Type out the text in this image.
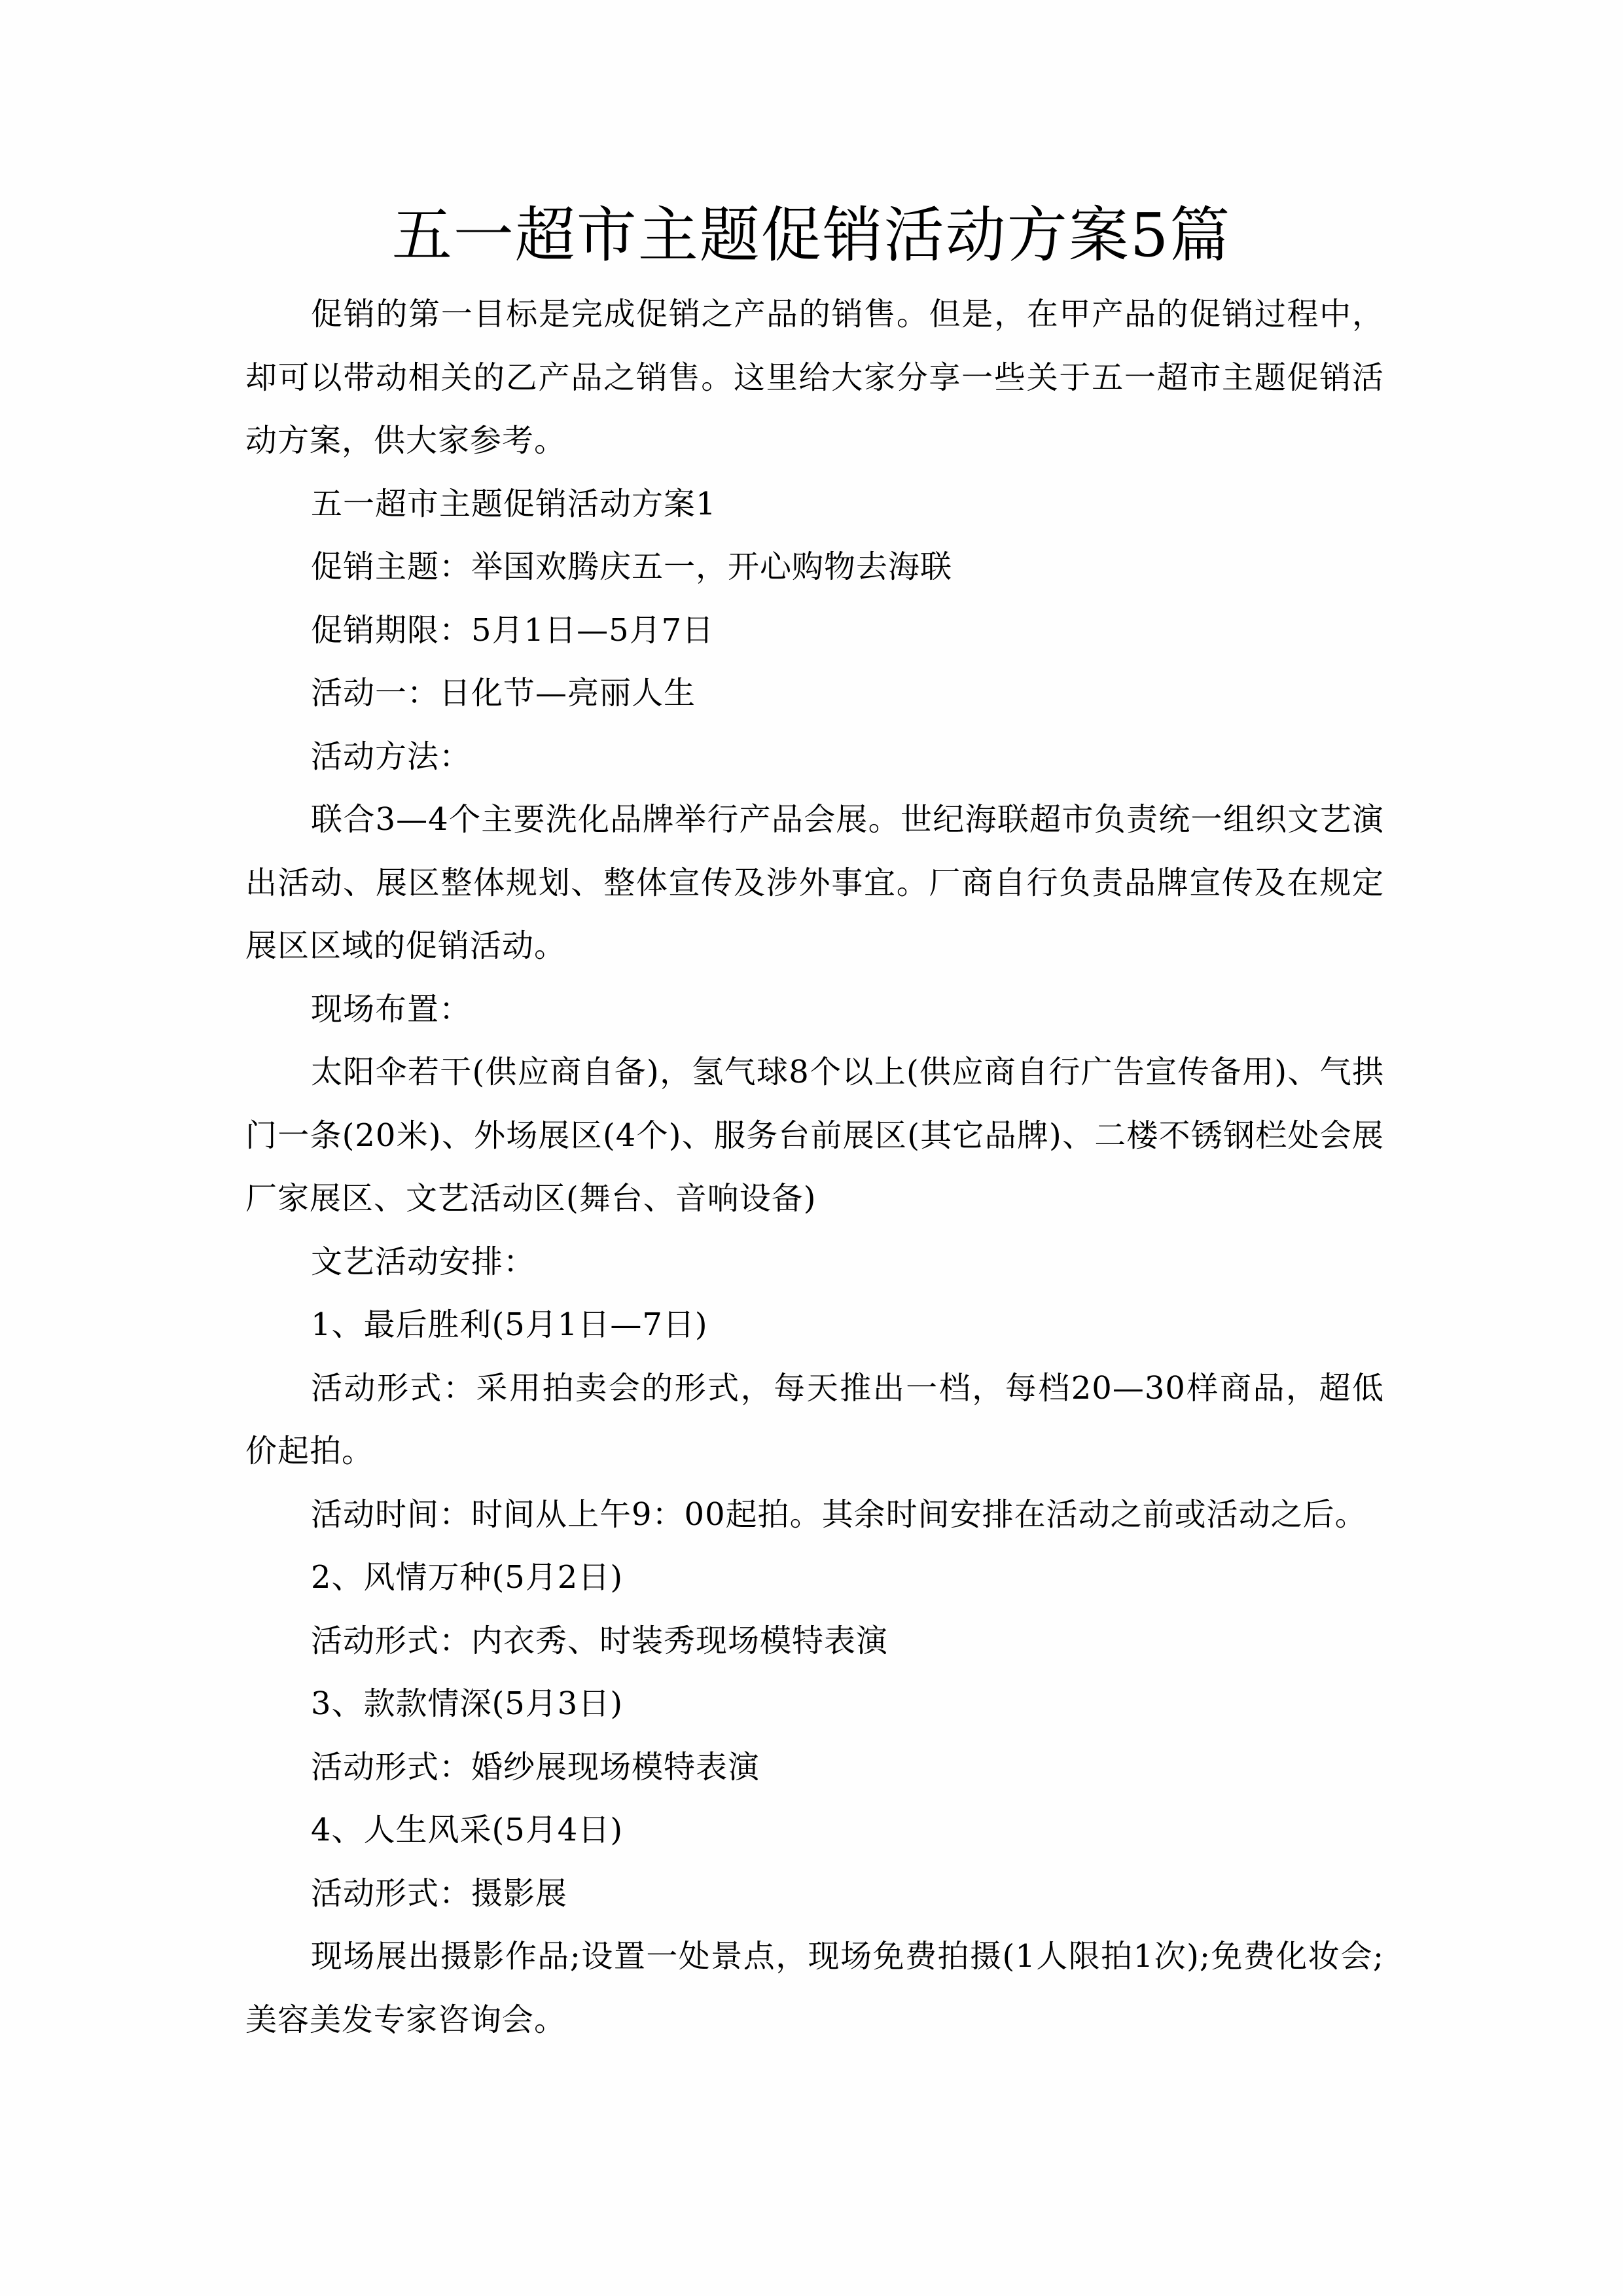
五一超市主题促销活动方案5篇

促销的第一目标是完成促销之产品的销售。但是，在甲产品的促销过程中，却可以带动相关的乙产品之销售。这里给大家分享一些关于五一超市主题促销活动方案，供大家参考。

五一超市主题促销活动方案1

促销主题：举国欢腾庆五一，开心购物去海联

促销期限：5月1日—5月7日

活动一：日化节—亮丽人生

活动方法：

联合3—4个主要洗化品牌举行产品会展。世纪海联超市负责统一组织文艺演出活动、展区整体规划、整体宣传及涉外事宜。厂商自行负责品牌宣传及在规定展区区域的促销活动。

现场布置：

太阳伞若干(供应商自备)，氢气球8个以上(供应商自行广告宣传备用)、气拱门一条(20米)、外场展区(4个)、服务台前展区(其它品牌)、二楼不锈钢栏处会展厂家展区、文艺活动区(舞台、音响设备)

文艺活动安排：

1、最后胜利(5月1日—7日)

活动形式：采用拍卖会的形式，每天推出一档，每档20—30样商品，超低价起拍。

活动时间：时间从上午9：00起拍。其余时间安排在活动之前或活动之后。

2、风情万种(5月2日)

活动形式：内衣秀、时装秀现场模特表演

3、款款情深(5月3日)

活动形式：婚纱展现场模特表演

4、人生风采(5月4日)

活动形式：摄影展

现场展出摄影作品;设置一处景点，现场免费拍摄(1人限拍1次);免费化妆会;美容美发专家咨询会。
